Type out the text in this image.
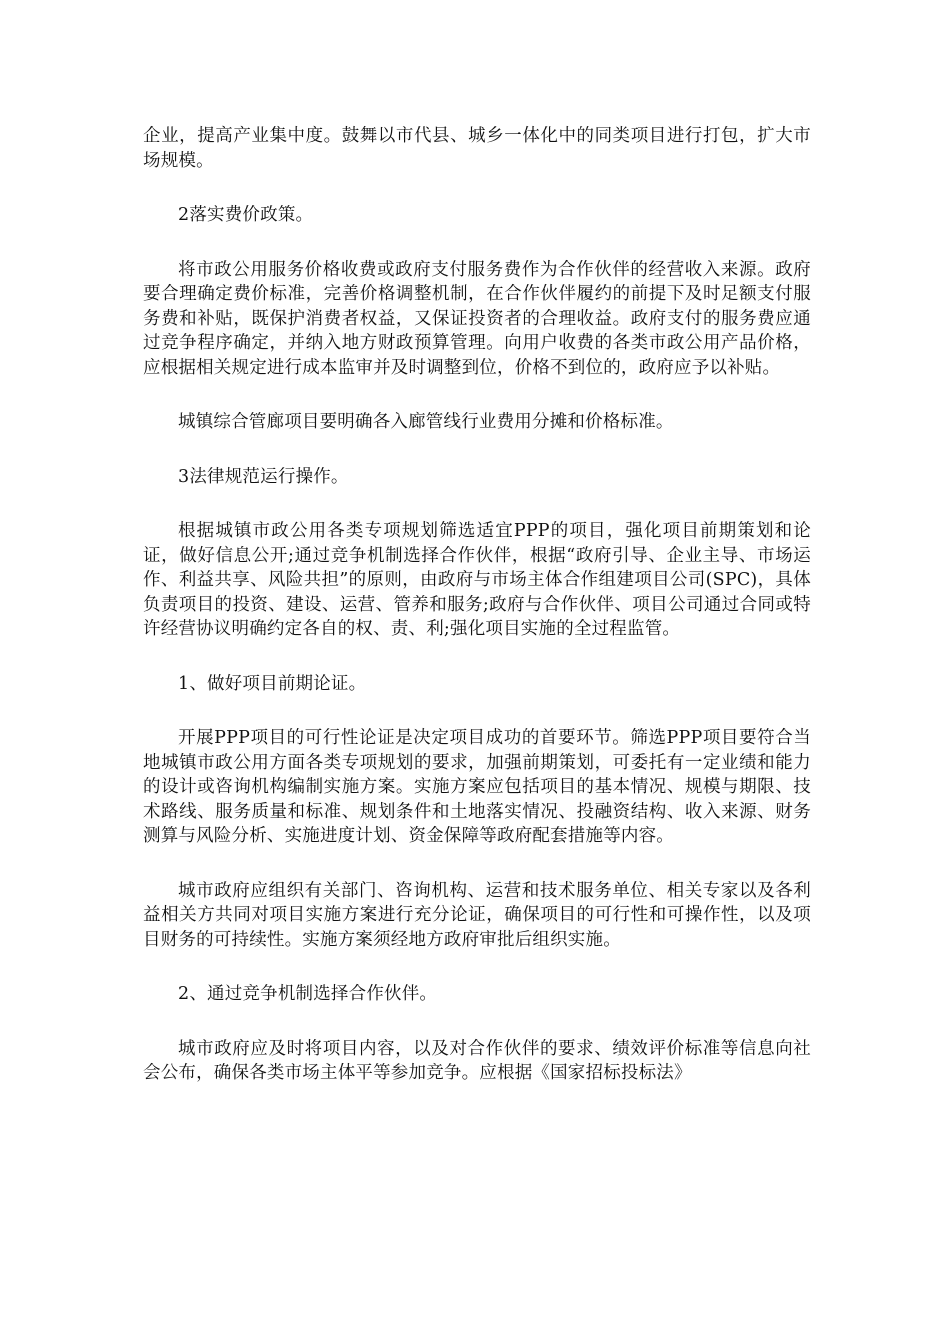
企业，提高产业集中度。鼓舞以市代县、城乡一体化中的同类项目进行打包，扩大市场规模。

2落实费价政策。

将市政公用服务价格收费或政府支付服务费作为合作伙伴的经营收入来源。政府要合理确定费价标准，完善价格调整机制，在合作伙伴履约的前提下及时足额支付服务费和补贴，既保护消费者权益，又保证投资者的合理收益。政府支付的服务费应通过竞争程序确定，并纳入地方财政预算管理。向用户收费的各类市政公用产品价格，应根据相关规定进行成本监审并及时调整到位，价格不到位的，政府应予以补贴。

城镇综合管廊项目要明确各入廊管线行业费用分摊和价格标准。

3法律规范运行操作。

根据城镇市政公用各类专项规划筛选适宜PPP的项目，强化项目前期策划和论证，做好信息公开;通过竞争机制选择合作伙伴，根据“政府引导、企业主导、市场运作、利益共享、风险共担”的原则，由政府与市场主体合作组建项目公司(SPC)，具体负责项目的投资、建设、运营、管养和服务;政府与合作伙伴、项目公司通过合同或特许经营协议明确约定各自的权、责、利;强化项目实施的全过程监管。

1、做好项目前期论证。

开展PPP项目的可行性论证是决定项目成功的首要环节。筛选PPP项目要符合当地城镇市政公用方面各类专项规划的要求，加强前期策划，可委托有一定业绩和能力的设计或咨询机构编制实施方案。实施方案应包括项目的基本情况、规模与期限、技术路线、服务质量和标准、规划条件和土地落实情况、投融资结构、收入来源、财务测算与风险分析、实施进度计划、资金保障等政府配套措施等内容。

城市政府应组织有关部门、咨询机构、运营和技术服务单位、相关专家以及各利益相关方共同对项目实施方案进行充分论证，确保项目的可行性和可操作性，以及项目财务的可持续性。实施方案须经地方政府审批后组织实施。

2、通过竞争机制选择合作伙伴。

城市政府应及时将项目内容，以及对合作伙伴的要求、绩效评价标准等信息向社会公布，确保各类市场主体平等参加竞争。应根据《国家招标投标法》
